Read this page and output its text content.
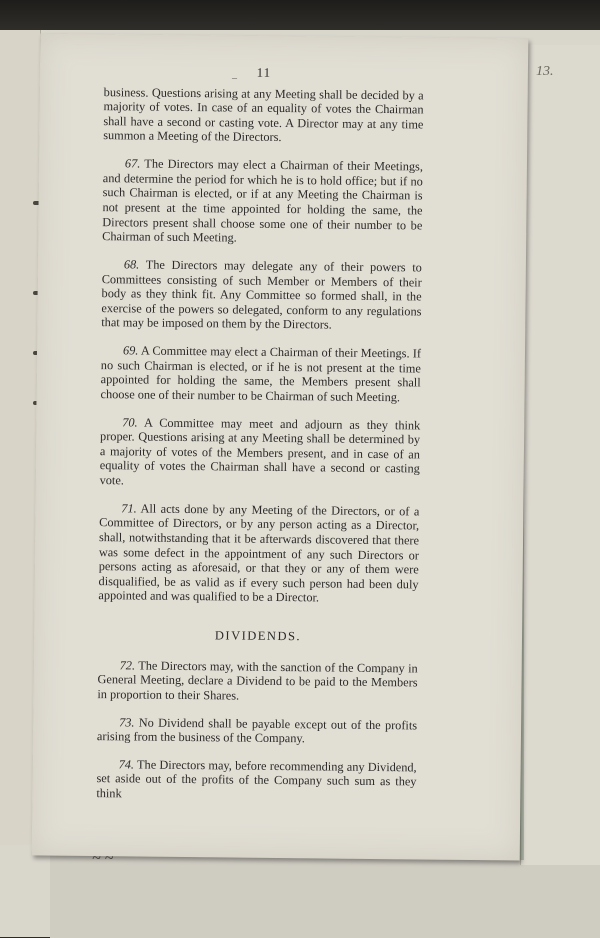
13.
11

business. Questions arising at any Meeting shall be decided by a majority of votes. In case of an equality of votes the Chairman shall have a second or casting vote. A Director may at any time summon a Meeting of the Directors.

67. The Directors may elect a Chairman of their Meetings, and determine the period for which he is to hold office; but if no such Chairman is elected, or if at any Meeting the Chairman is not present at the time appointed for holding the same, the Directors present shall choose some one of their number to be Chairman of such Meeting.

68. The Directors may delegate any of their powers to Committees consisting of such Member or Members of their body as they think fit. Any Committee so formed shall, in the exercise of the powers so delegated, conform to any regulations that may be imposed on them by the Directors.

69. A Committee may elect a Chairman of their Meetings. If no such Chairman is elected, or if he is not present at the time appointed for holding the same, the Members present shall choose one of their number to be Chairman of such Meeting.

70. A Committee may meet and adjourn as they think proper. Questions arising at any Meeting shall be determined by a majority of votes of the Members present, and in case of an equality of votes the Chairman shall have a second or casting vote.

71. All acts done by any Meeting of the Directors, or of a Committee of Directors, or by any person acting as a Director, shall, notwithstanding that it be afterwards discovered that there was some defect in the appointment of any such Directors or persons acting as aforesaid, or that they or any of them were disqualified, be as valid as if every such person had been duly appointed and was qualified to be a Director.

DIVIDENDS.

72. The Directors may, with the sanction of the Company in General Meeting, declare a Dividend to be paid to the Members in proportion to their Shares.

73. No Dividend shall be payable except out of the profits arising from the business of the Company.

74. The Directors may, before recommending any Dividend, set aside out of the profits of the Company such sum as they think

–
~ ~
